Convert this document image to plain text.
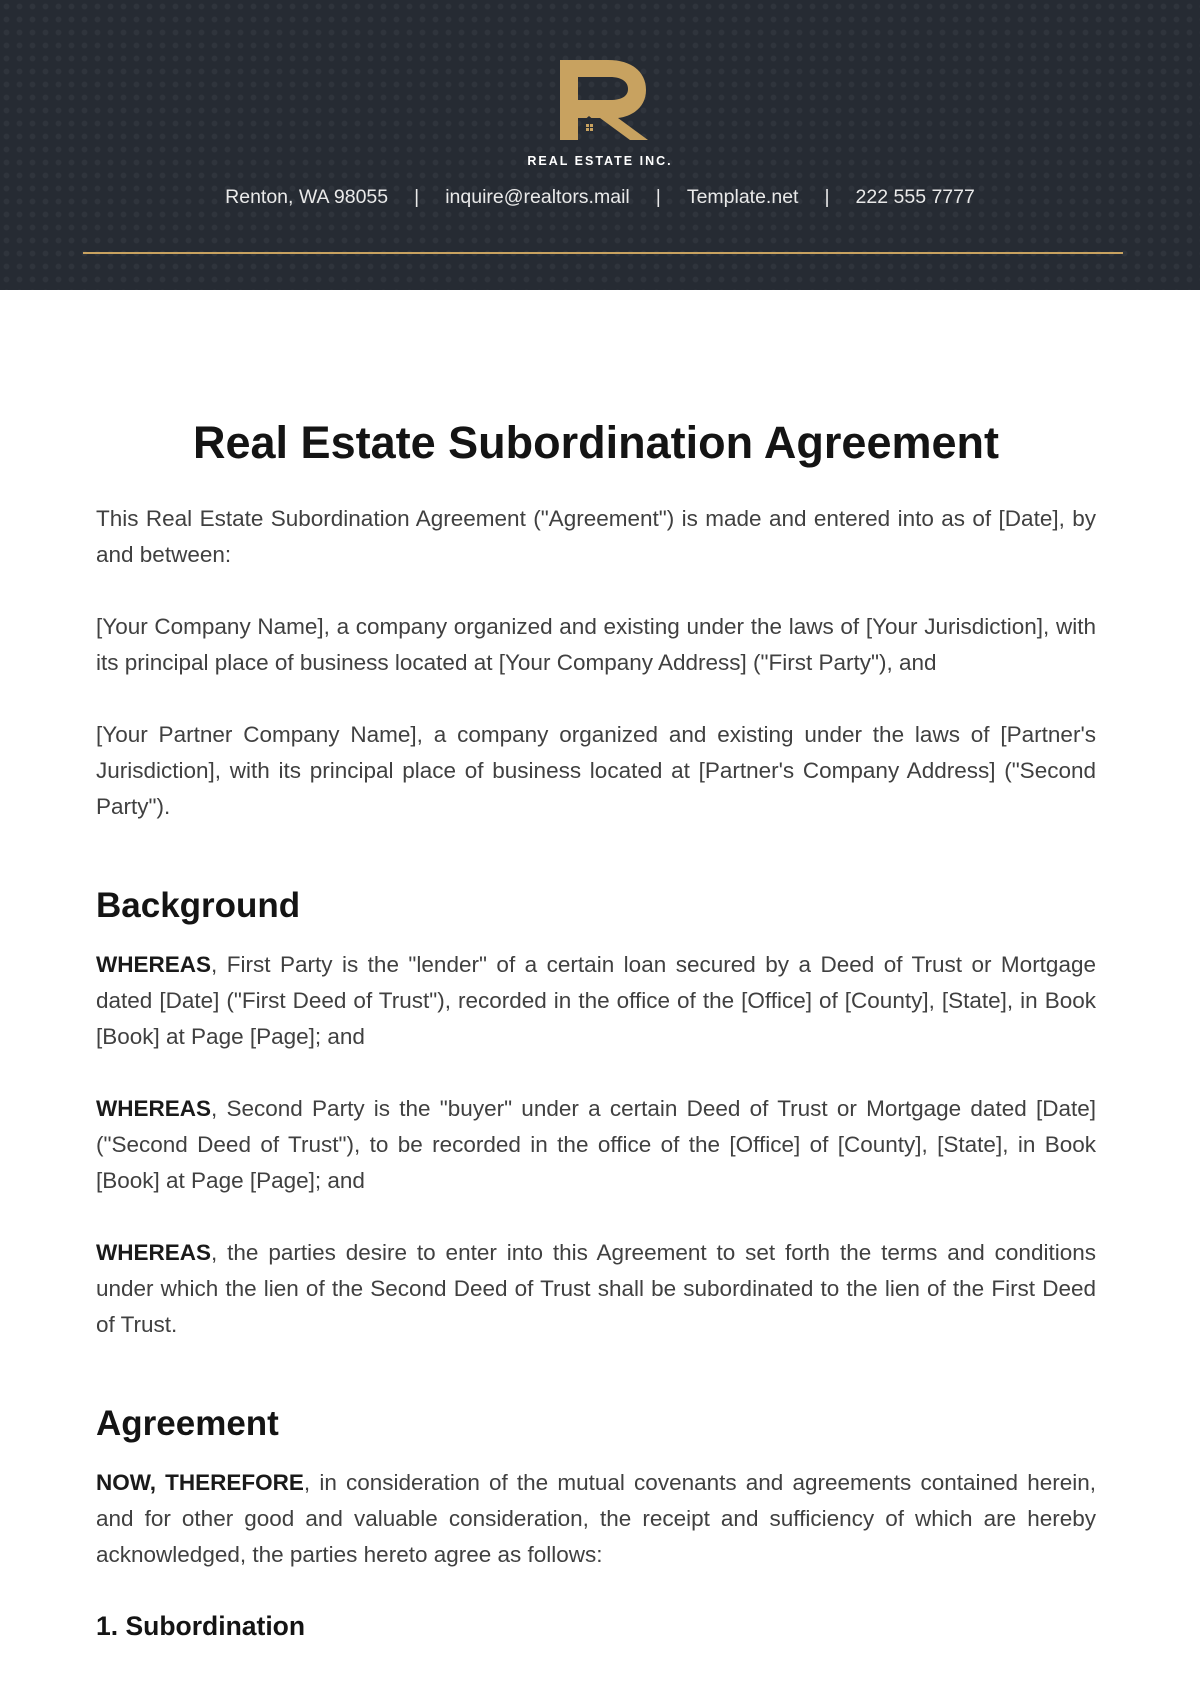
REAL ESTATE INC.
Renton, WA 98055 | inquire@realtors.mail | Template.net | 222 555 7777
Real Estate Subordination Agreement

This Real Estate Subordination Agreement ("Agreement") is made and entered into as of [Date], by and between:

[Your Company Name], a company organized and existing under the laws of [Your Jurisdiction], with its principal place of business located at [Your Company Address] ("First Party"), and

[Your Partner Company Name], a company organized and existing under the laws of [Partner's Jurisdiction], with its principal place of business located at [Partner's Company Address] ("Second Party").

Background

WHEREAS, First Party is the "lender" of a certain loan secured by a Deed of Trust or Mortgage dated [Date] ("First Deed of Trust"), recorded in the office of the [Office] of [County], [State], in Book [Book] at Page [Page]; and

WHEREAS, Second Party is the "buyer" under a certain Deed of Trust or Mortgage dated [Date] ("Second Deed of Trust"), to be recorded in the office of the [Office] of [County], [State], in Book [Book] at Page [Page]; and

WHEREAS, the parties desire to enter into this Agreement to set forth the terms and conditions under which the lien of the Second Deed of Trust shall be subordinated to the lien of the First Deed of Trust.

Agreement

NOW, THEREFORE, in consideration of the mutual covenants and agreements contained herein, and for other good and valuable consideration, the receipt and sufficiency of which are hereby acknowledged, the parties hereto agree as follows:

1. Subordination
